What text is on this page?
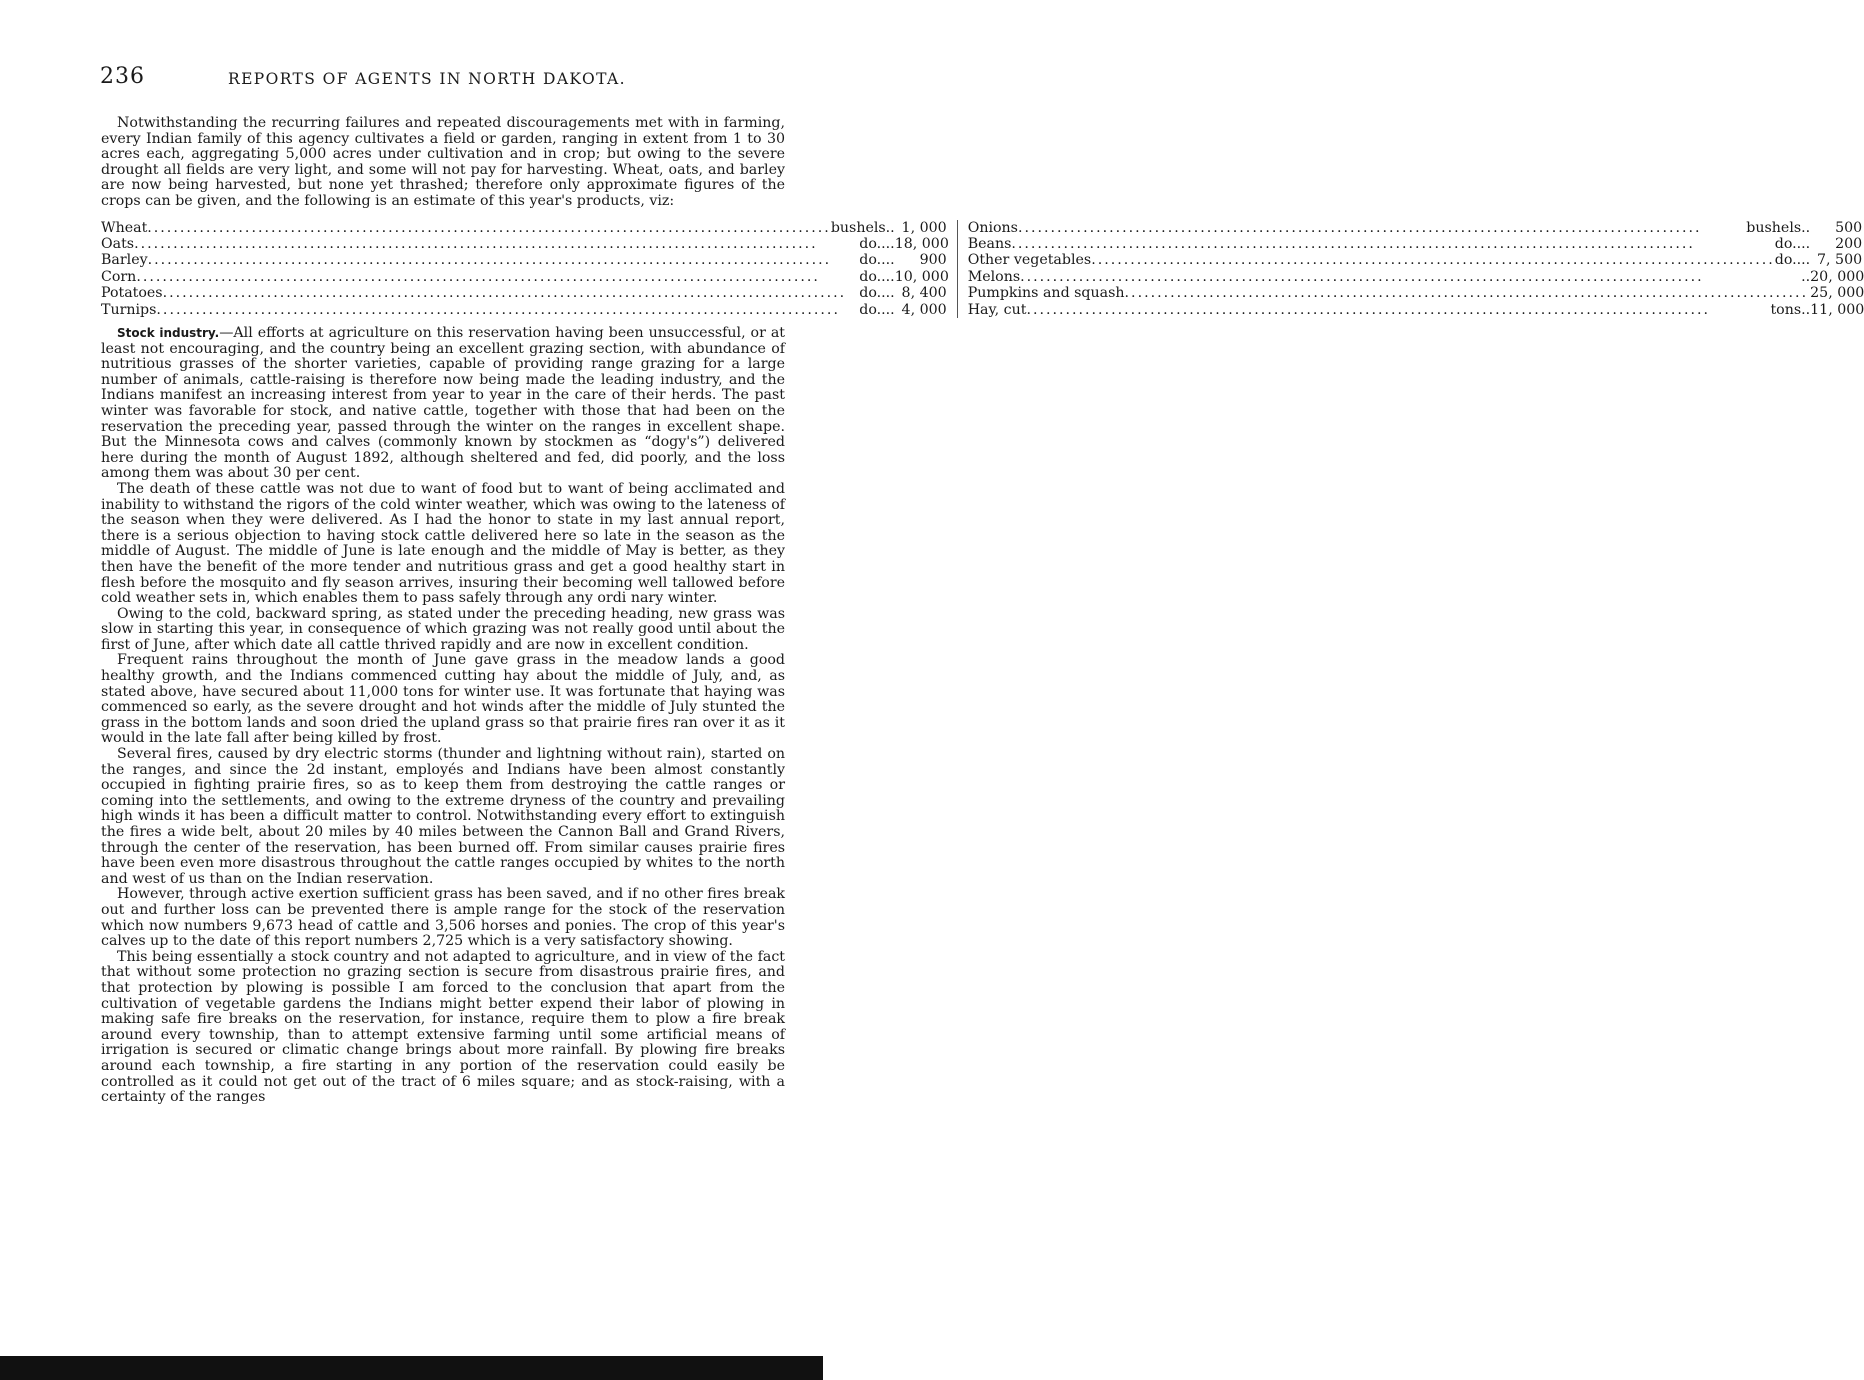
236	REPORTS OF AGENTS IN NORTH DAKOTA.

Notwithstanding the recurring failures and repeated discouragements met with in farming, every Indian family of this agency cultivates a field or garden, ranging in extent from 1 to 30 acres each, aggregating 5,000 acres under cultivation and in crop; but owing to the severe drought all fields are very light, and some will not pay for harvesting. Wheat, oats, and barley are now being harvested, but none yet thrashed; therefore only approximate figures of the crops can be given, and the following is an estimate of this year's products, viz:

Wheat .....	bushels.. 1, 000
Oats .....	do.... 18, 000
Barley .....	do....	900
Corn .....	do.... 10, 000
Potatoes .....	do.... 8, 400
Turnips .....	do.... 4, 000
Onions .....	bushels..	500
Beans .....	do....	200
Other vegetables .....	do.... 7, 500
Melons .....	.. 20, 000
Pumpkins and squash .....	25, 000
Hay, cut .....	tons.. 11, 000

Stock industry.—All efforts at agriculture on this reservation having been unsuccessful, or at least not encouraging, and the country being an excellent grazing section, with abundance of nutritious grasses of the shorter varieties, capable of providing range grazing for a large number of animals, cattle-raising is therefore now being made the leading industry, and the Indians manifest an increasing interest from year to year in the care of their herds. The past winter was favorable for stock, and native cattle, together with those that had been on the reservation the preceding year, passed through the winter on the ranges in excellent shape. But the Minnesota cows and calves (commonly known by stockmen as “dogy's”) delivered here during the month of August 1892, although sheltered and fed, did poorly, and the loss among them was about 30 per cent.

The death of these cattle was not due to want of food but to want of being acclimated and inability to withstand the rigors of the cold winter weather, which was owing to the lateness of the season when they were delivered. As I had the honor to state in my last annual report, there is a serious objection to having stock cattle delivered here so late in the season as the middle of August. The middle of June is late enough and the middle of May is better, as they then have the benefit of the more tender and nutritious grass and get a good healthy start in flesh before the mosquito and fly season arrives, insuring their becoming well tallowed before cold weather sets in, which enables them to pass safely through any ordi nary winter.

Owing to the cold, backward spring, as stated under the preceding heading, new grass was slow in starting this year, in consequence of which grazing was not really good until about the first of June, after which date all cattle thrived rapidly and are now in excellent condition.

Frequent rains throughout the month of June gave grass in the meadow lands a good healthy growth, and the Indians commenced cutting hay about the middle of July, and, as stated above, have secured about 11,000 tons for winter use. It was fortunate that haying was commenced so early, as the severe drought and hot winds after the middle of July stunted the grass in the bottom lands and soon dried the upland grass so that prairie fires ran over it as it would in the late fall after being killed by frost.

Several fires, caused by dry electric storms (thunder and lightning without rain), started on the ranges, and since the 2d instant, employés and Indians have been almost constantly occupied in fighting prairie fires, so as to keep them from destroying the cattle ranges or coming into the settlements, and owing to the extreme dryness of the country and prevailing high winds it has been a difficult matter to control. Notwithstanding every effort to extinguish the fires a wide belt, about 20 miles by 40 miles between the Cannon Ball and Grand Rivers, through the center of the reservation, has been burned off. From similar causes prairie fires have been even more disastrous throughout the cattle ranges occupied by whites to the north and west of us than on the Indian reservation.

However, through active exertion sufficient grass has been saved, and if no other fires break out and further loss can be prevented there is ample range for the stock of the reservation which now numbers 9,673 head of cattle and 3,506 horses and ponies. The crop of this year's calves up to the date of this report numbers 2,725 which is a very satisfactory showing.

This being essentially a stock country and not adapted to agriculture, and in view of the fact that without some protection no grazing section is secure from disastrous prairie fires, and that protection by plowing is possible I am forced to the conclusion that apart from the cultivation of vegetable gardens the Indians might better expend their labor of plowing in making safe fire breaks on the reservation, for instance, require them to plow a fire break around every township, than to attempt extensive farming until some artificial means of irrigation is secured or climatic change brings about more rainfall. By plowing fire breaks around each township, a fire starting in any portion of the reservation could easily be controlled as it could not get out of the tract of 6 miles square; and as stock-raising, with a certainty of the ranges
